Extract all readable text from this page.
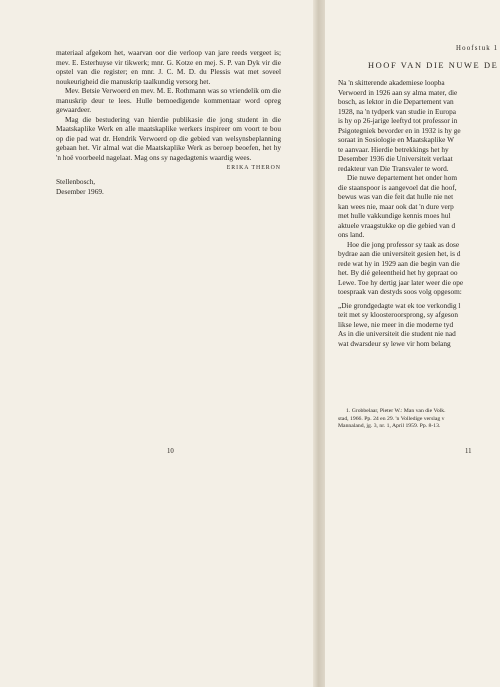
materiaal afgekom het, waarvan oor die verloop van jare reeds vergeet is; mev. E. Esterhuyse vir tikwerk; mnr. G. Kotze en mej. S. P. van Dyk vir die opstel van die register; en mnr. J. C. M. D. du Plessis wat met soveel noukeurigheid die manuskrip taalkundig versorg het.

Mev. Betsie Verwoerd en mev. M. E. Rothmann was so vriendelik om die manuskrip deur te lees. Hulle bemoedigende kommentaar word opreg gewaardeer.

Mag die bestudering van hierdie publikasie die jong student in die Maatskaplike Werk en alle maatskaplike werkers inspireer om voort te bou op die pad wat dr. Hendrik Verwoerd op die gebied van welsynsbeplanning gebaan het. Vir almal wat die Maatskaplike Werk as beroep beoefen, het hy 'n hoë voorbeeld nagelaat. Mag ons sy nagedagtenis waardig wees.

ERIKA THERON
Stellenbosch,
Desember 1969.
10
Hoofstuk 1
HOOF VAN DIE NUWE DE
Na 'n skitterende akademiese loopba
Verwoerd in 1926 aan sy alma mater, die
bosch, as lektor in die Departement van
1928, na 'n tydperk van studie in Europa
is hy op 26-jarige leeftyd tot professor in
Psigotegniek bevorder en in 1932 is hy ge
soraat in Sosiologie en Maatskaplike W
te aanvaar. Hierdie betrekkings het hy
Desember 1936 die Universiteit verlaat
redakteur van Die Transvaler te word.
Die nuwe departement het onder hom
die staanspoor is aangevoel dat die hoof,
bewus was van die feit dat hulle nie net
kan wees nie, maar ook dat 'n dure verp
met hulle vakkundige kennis moes hul
aktuele vraagstukke op die gebied van d
ons land.
Hoe die jong professor sy taak as dose
bydrae aan die universiteit gesien het, is d
rede wat hy in 1929 aan die begin van die
het. By dié geleentheid het hy gepraat oo
Lewe. Toe hy dertig jaar later weer die ope
toespraak van destyds soos volg opgesom:
„Die grondgedagte wat ek toe verkondig l
teit met sy kloosteroorsprong, sy afgeson
likse lewe, nie meer in die moderne tyd
As in die universiteit die student nie nad
wat dwarsdeur sy lewe vir hom belang
1. Grobbelaar, Pieter W.: Man van die Volk.
stad, 1966. Pp. 24 en 29. 'n Volledige verslag v
Mannaland, jg. 3, nr. 1, April 1959. Pp. 8-13.
11
